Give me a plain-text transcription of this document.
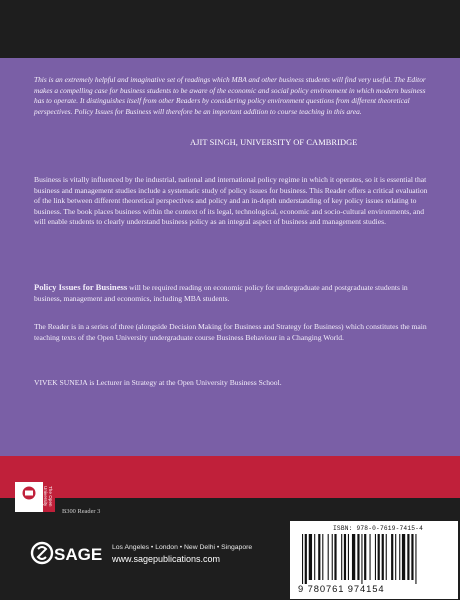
This is an extremely helpful and imaginative set of readings which MBA and other business students will find very useful. The Editor makes a compelling case for business students to be aware of the economic and social policy environment in which modern business has to operate. It distinguishes itself from other Readers by considering policy environment questions from different theoretical perspectives. Policy Issues for Business will therefore be an important addition to course teaching in this area.
AJIT SINGH, UNIVERSITY OF CAMBRIDGE
Business is vitally influenced by the industrial, national and international policy regime in which it operates, so it is essential that business and management studies include a systematic study of policy issues for business. This Reader offers a critical evaluation of the link between different theoretical perspectives and policy and an in-depth understanding of key policy issues relating to business. The book places business within the context of its legal, technological, economic and socio-cultural environments, and will enable students to clearly understand business policy as an integral aspect of business and management studies.
Policy Issues for Business will be required reading on economic policy for undergraduate and postgraduate students in business, management and economics, including MBA students.
The Reader is in a series of three (alongside Decision Making for Business and Strategy for Business) which constitutes the main teaching texts of the Open University undergraduate course Business Behaviour in a Changing World.
VIVEK SUNEJA is Lecturer in Strategy at the Open University Business School.
The Open
University
B300 Reader 3
SAGE Los Angeles • London • New Delhi • Singapore
www.sagepublications.com
ISBN: 978-0-7619-7415-4
9 780761 974154
